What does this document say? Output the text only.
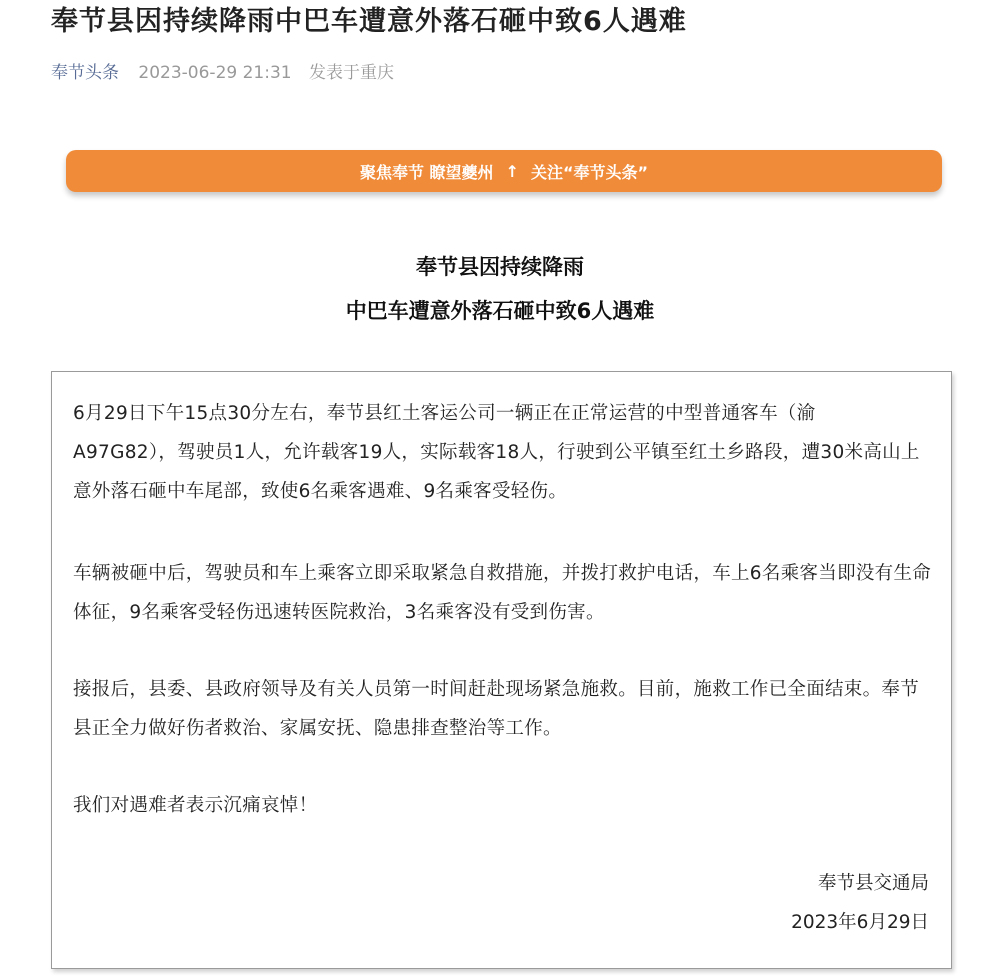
奉节县因持续降雨中巴车遭意外落石砸中致6人遇难
奉节头条 2023-06-29 21:31 发表于重庆
聚焦奉节 瞭望夔州 ↑ 关注“奉节头条”

奉节县因持续降雨

中巴车遭意外落石砸中致6人遇难

6月29日下午15点30分左右，奉节县红土客运公司一辆正在正常运营的中型普通客车（渝　A97G82），驾驶员1人，允许载客19人，实际载客18人，行驶到公平镇至红土乡路段，遭30米高山上意外落石砸中车尾部，致使6名乘客遇难、9名乘客受轻伤。

车辆被砸中后，驾驶员和车上乘客立即采取紧急自救措施，并拨打救护电话，车上6名乘客当即没有生命体征，9名乘客受轻伤迅速转医院救治，3名乘客没有受到伤害。

接报后，县委、县政府领导及有关人员第一时间赶赴现场紧急施救。目前，施救工作已全面结束。奉节县正全力做好伤者救治、家属安抚、隐患排查整治等工作。

我们对遇难者表示沉痛哀悼！

奉节县交通局
2023年6月29日
